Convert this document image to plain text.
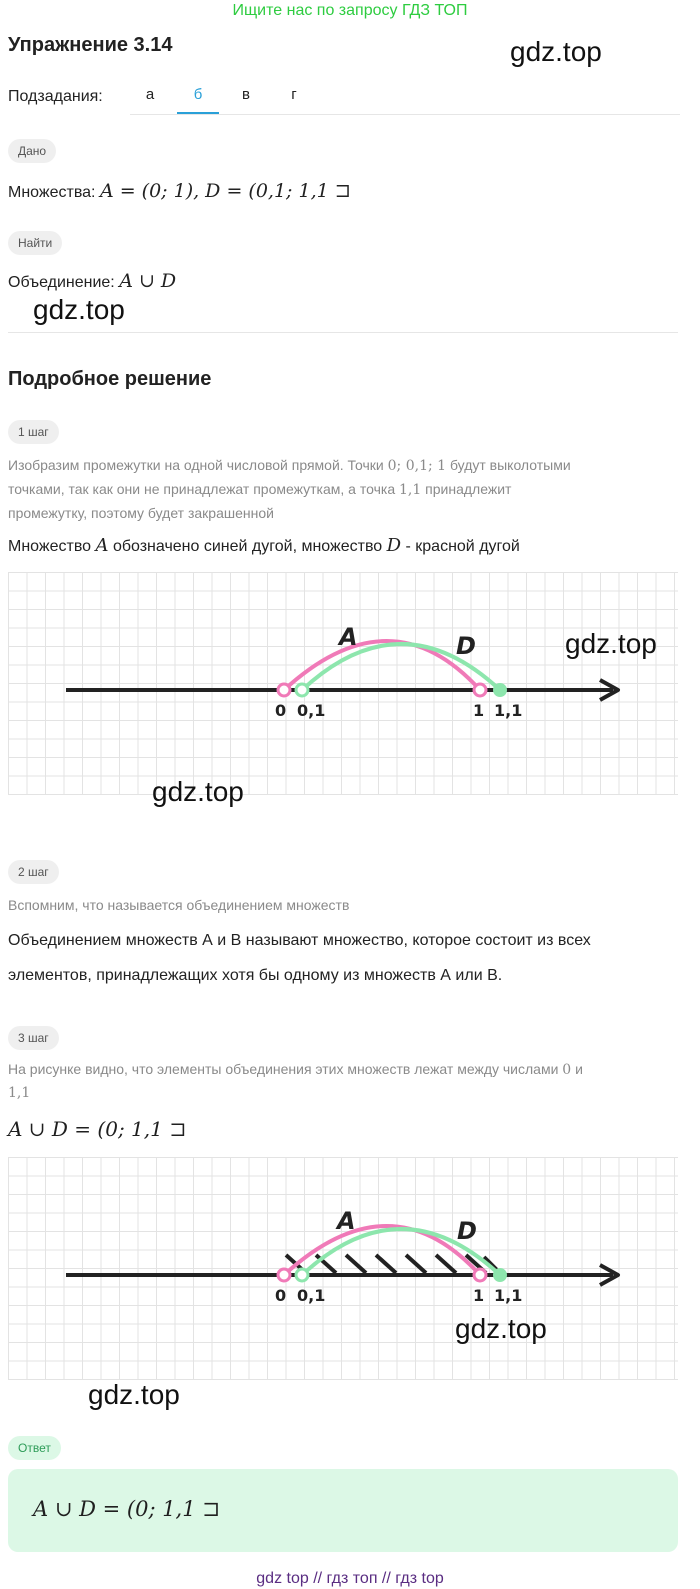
Ищите нас по запросу ГДЗ ТОП
Упражнение 3.14	gdz.top
Подзадания:	а	б	в	г
Дано
Множества: A = (0; 1), D = (0,1; 1,1 ⊐
Найти
Объединение: A ∪ D
gdz.top
Подробное решение
1 шаг
Изобразим промежутки на одной числовой прямой. Точки 0; 0,1; 1 будут выколотыми
точками, так как они не принадлежат промежуткам, а точка 1,1 принадлежит
промежутку, поэтому будет закрашенной
Множество A обозначено синей дугой, множество D - красной дугой
A	D
0 0,1	1 1,1
gdz.top
gdz.top
2 шаг
Вспомним, что называется объединением множеств
Объединением множеств А и В называют множество, которое состоит из всех
элементов, принадлежащих хотя бы одному из множеств А или В.
3 шаг
На рисунке видно, что элементы объединения этих множеств лежат между числами 0 и
1,1
A ∪ D = (0; 1,1 ⊐
A	D
0 0,1	1 1,1
gdz.top
gdz.top
Ответ
A ∪ D = (0; 1,1 ⊐
gdz top // гдз топ // гдз top
